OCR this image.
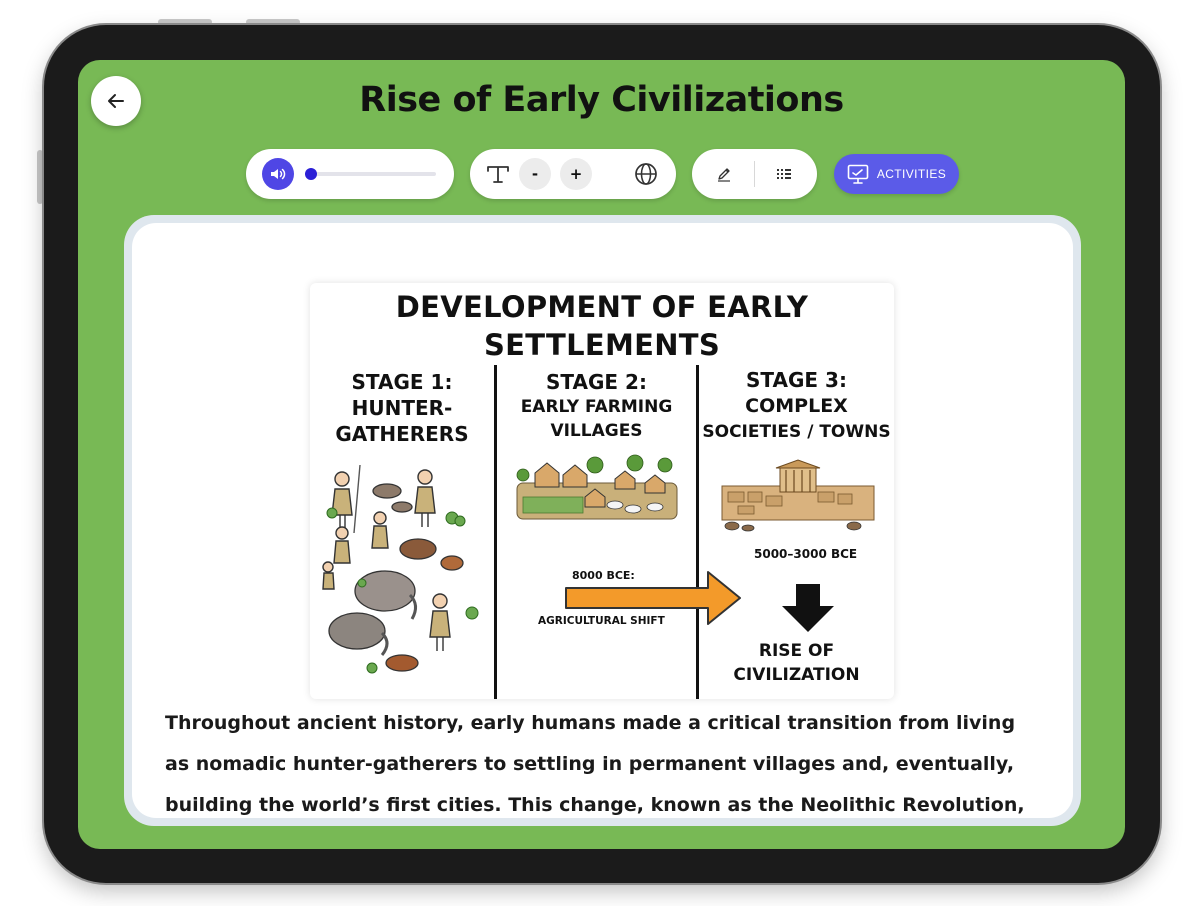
Rise of Early Civilizations
-	+	ACTIVITIES
DEVELOPMENT OF EARLY
SETTLEMENTS
STAGE 1:
HUNTER-
GATHERERS
STAGE 2:
EARLY FARMING
VILLAGES
8000 BCE:
AGRICULTURAL SHIFT
STAGE 3:
COMPLEX
SOCIETIES / TOWNS
5000–3000 BCE
RISE OF
CIVILIZATION
Throughout ancient history, early humans made a critical transition from living as nomadic hunter-gatherers to settling in permanent villages and, eventually, building the world’s first cities. This change, known as the Neolithic Revolution,
